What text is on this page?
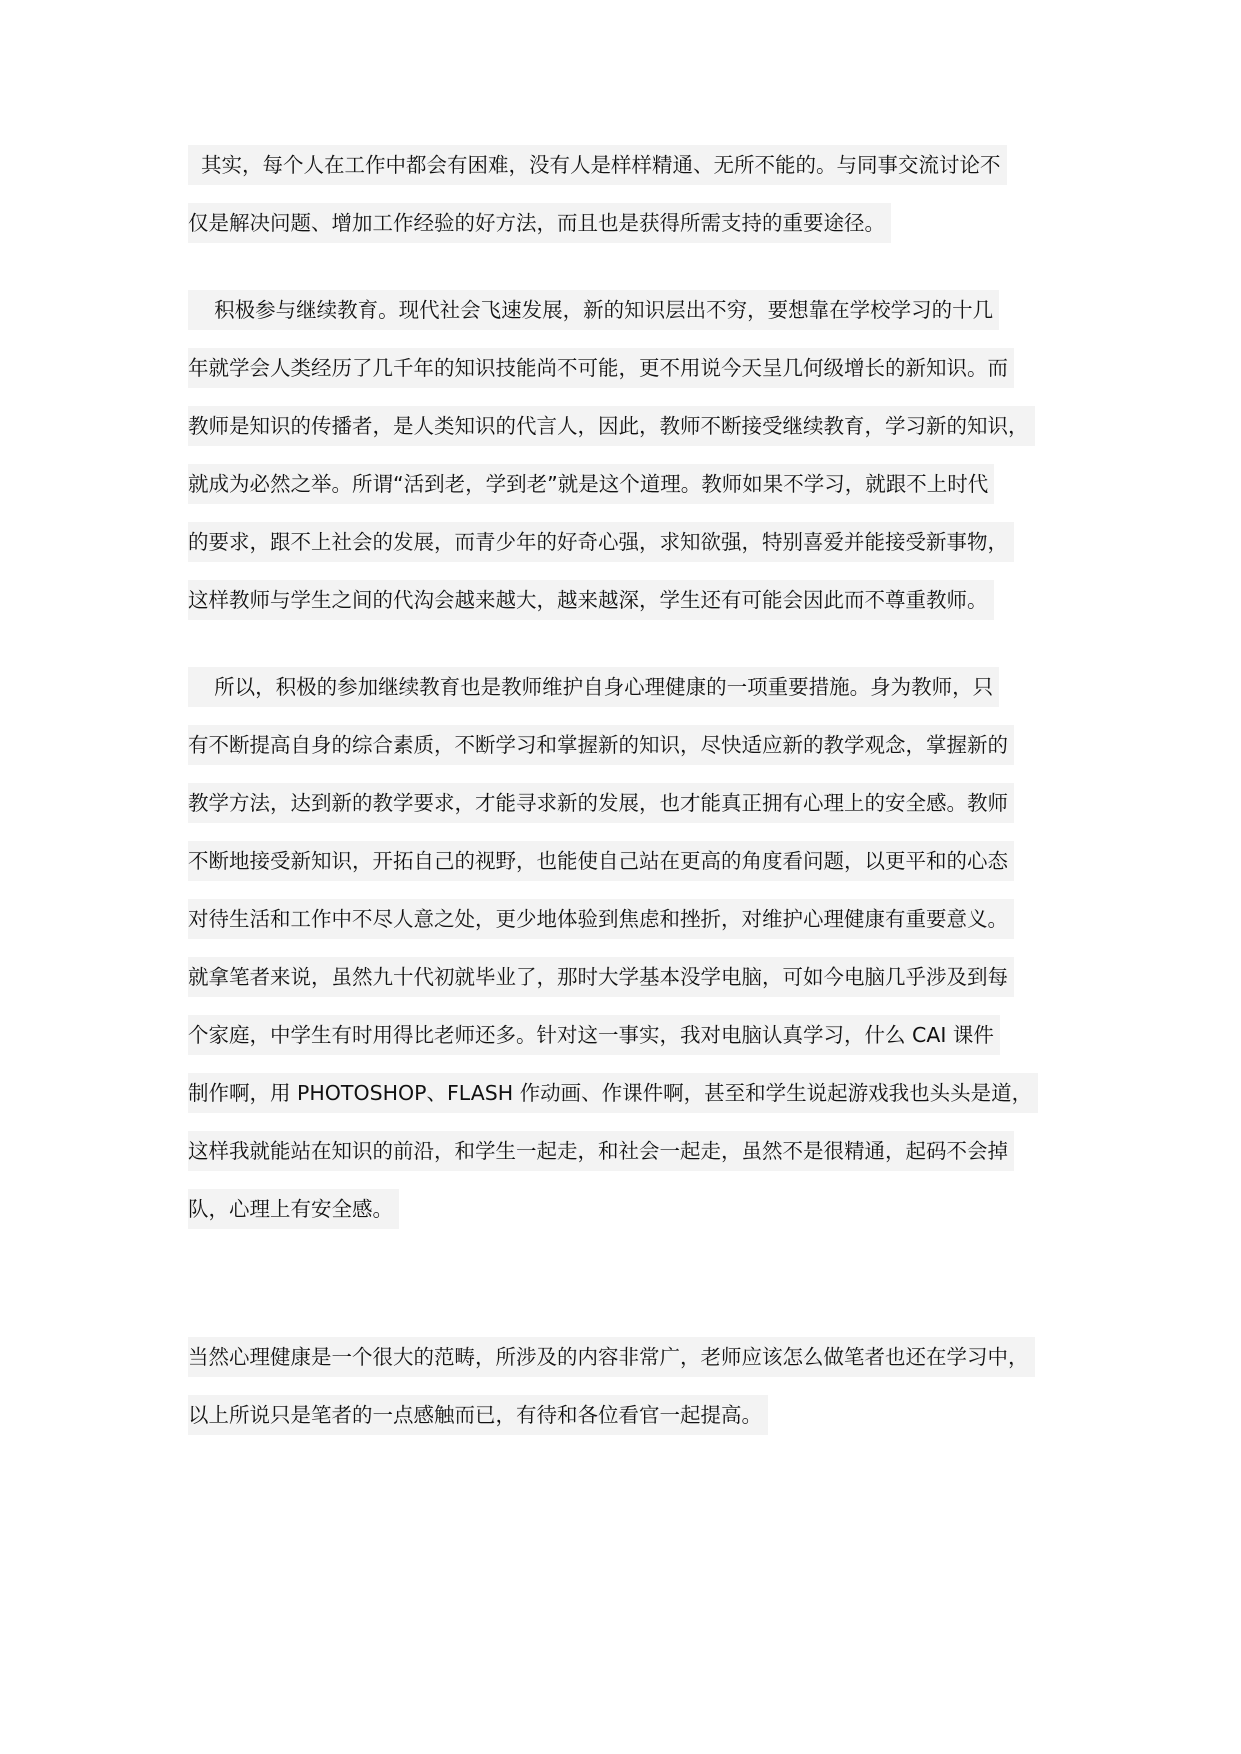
其实，每个人在工作中都会有困难，没有人是样样精通、无所不能的。与同事交流讨论不
仅是解决问题、增加工作经验的好方法，而且也是获得所需支持的重要途径。
积极参与继续教育。现代社会飞速发展，新的知识层出不穷，要想靠在学校学习的十几
年就学会人类经历了几千年的知识技能尚不可能，更不用说今天呈几何级增长的新知识。而
教师是知识的传播者，是人类知识的代言人，因此，教师不断接受继续教育，学习新的知识，
就成为必然之举。所谓“活到老，学到老”就是这个道理。教师如果不学习，就跟不上时代
的要求，跟不上社会的发展，而青少年的好奇心强，求知欲强，特别喜爱并能接受新事物，
这样教师与学生之间的代沟会越来越大，越来越深，学生还有可能会因此而不尊重教师。
所以，积极的参加继续教育也是教师维护自身心理健康的一项重要措施。身为教师，只
有不断提高自身的综合素质，不断学习和掌握新的知识，尽快适应新的教学观念，掌握新的
教学方法，达到新的教学要求，才能寻求新的发展，也才能真正拥有心理上的安全感。教师
不断地接受新知识，开拓自己的视野，也能使自己站在更高的角度看问题，以更平和的心态
对待生活和工作中不尽人意之处，更少地体验到焦虑和挫折，对维护心理健康有重要意义。
就拿笔者来说，虽然九十代初就毕业了，那时大学基本没学电脑，可如今电脑几乎涉及到每
个家庭，中学生有时用得比老师还多。针对这一事实，我对电脑认真学习，什么 CAI 课件
制作啊，用 PHOTOSHOP、FLASH 作动画、作课件啊，甚至和学生说起游戏我也头头是道，
这样我就能站在知识的前沿，和学生一起走，和社会一起走，虽然不是很精通，起码不会掉
队，心理上有安全感。
当然心理健康是一个很大的范畴，所涉及的内容非常广，老师应该怎么做笔者也还在学习中，
以上所说只是笔者的一点感触而已，有待和各位看官一起提高。
